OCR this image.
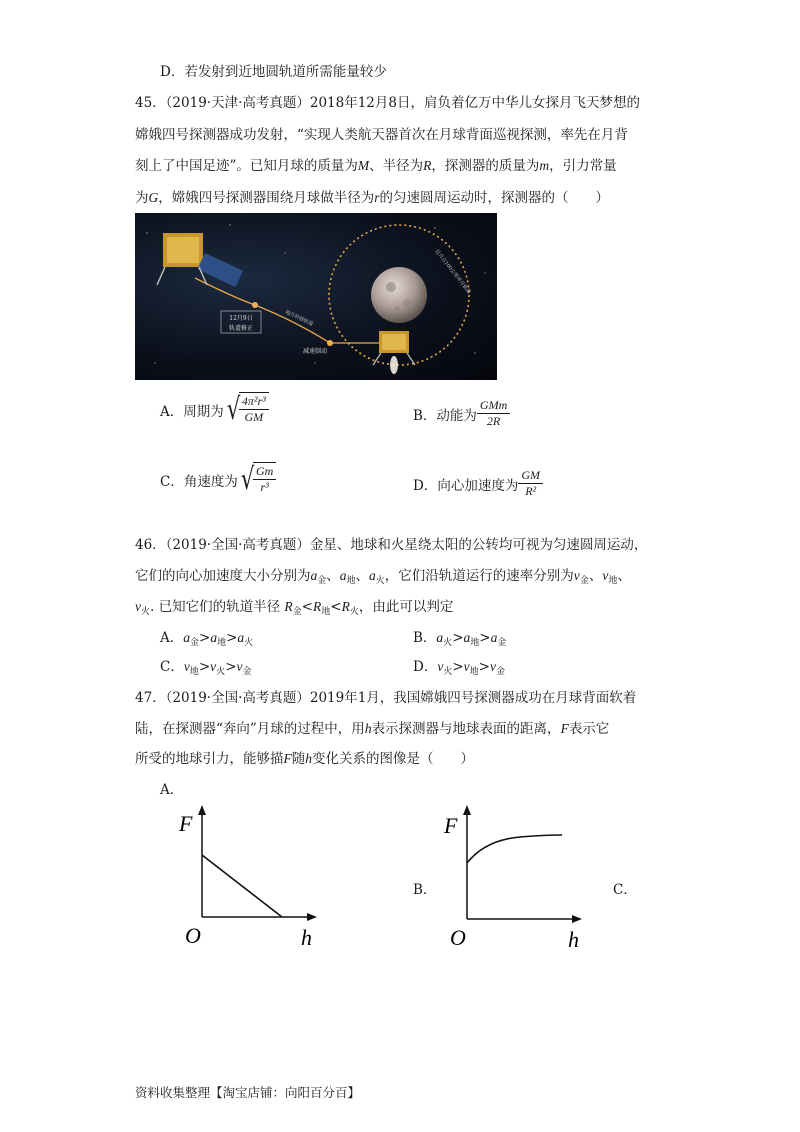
D．若发射到近地圆轨道所需能量较少
45．（2019·天津·高考真题）2018年12月8日，肩负着亿万中华儿女探月飞天梦想的
嫦娥四号探测器成功发射，“实现人类航天器首次在月球背面巡视探测，率先在月背
刻上了中国足迹”。已知月球的质量为M、半径为R，探测器的质量为m，引力常量
为G，嫦娥四号探测器围绕月球做半径为r的匀速圆周运动时，探测器的（　　）
12月9日
轨道修正
减速制动
地月转移轨道
近月点100公里环月轨道
A．周期为 √
$\frac{\text{4π²r³}}{GM}$	B．动能为 $\frac{\text{GMm}}{2R}$
C．角速度为 √
$\frac{Gm}{\text{r³}}$	D．向心加速度为 $\frac{GM}{\text{R²}}$
46．（2019·全国·高考真题）金星、地球和火星绕太阳的公转均可视为匀速圆周运动，
它们的向心加速度大小分别为$a_金$、$a_地$、$a_火$，它们沿轨道运行的速率分别为$v_金$、$v_地$、
$v_火$. 已知它们的轨道半径 $R_金<R_地<R_火$，由此可以判定
A．$a_金>a_地>a_火$	B．$a_火>a_地>a_金$
C．$v_地>v_火>v_金$	D．$v_火>v_地>v_金$
47．（2019·全国·高考真题）2019年1月，我国嫦娥四号探测器成功在月球背面软着
陆，在探测器“奔向”月球的过程中，用h表示探测器与地球表面的距离，F表示它
所受的地球引力，能够描F随h变化关系的图像是（　　）
A．
F
O	h
F
O	h
B．	C．
资料收集整理【淘宝店铺：向阳百分百】
